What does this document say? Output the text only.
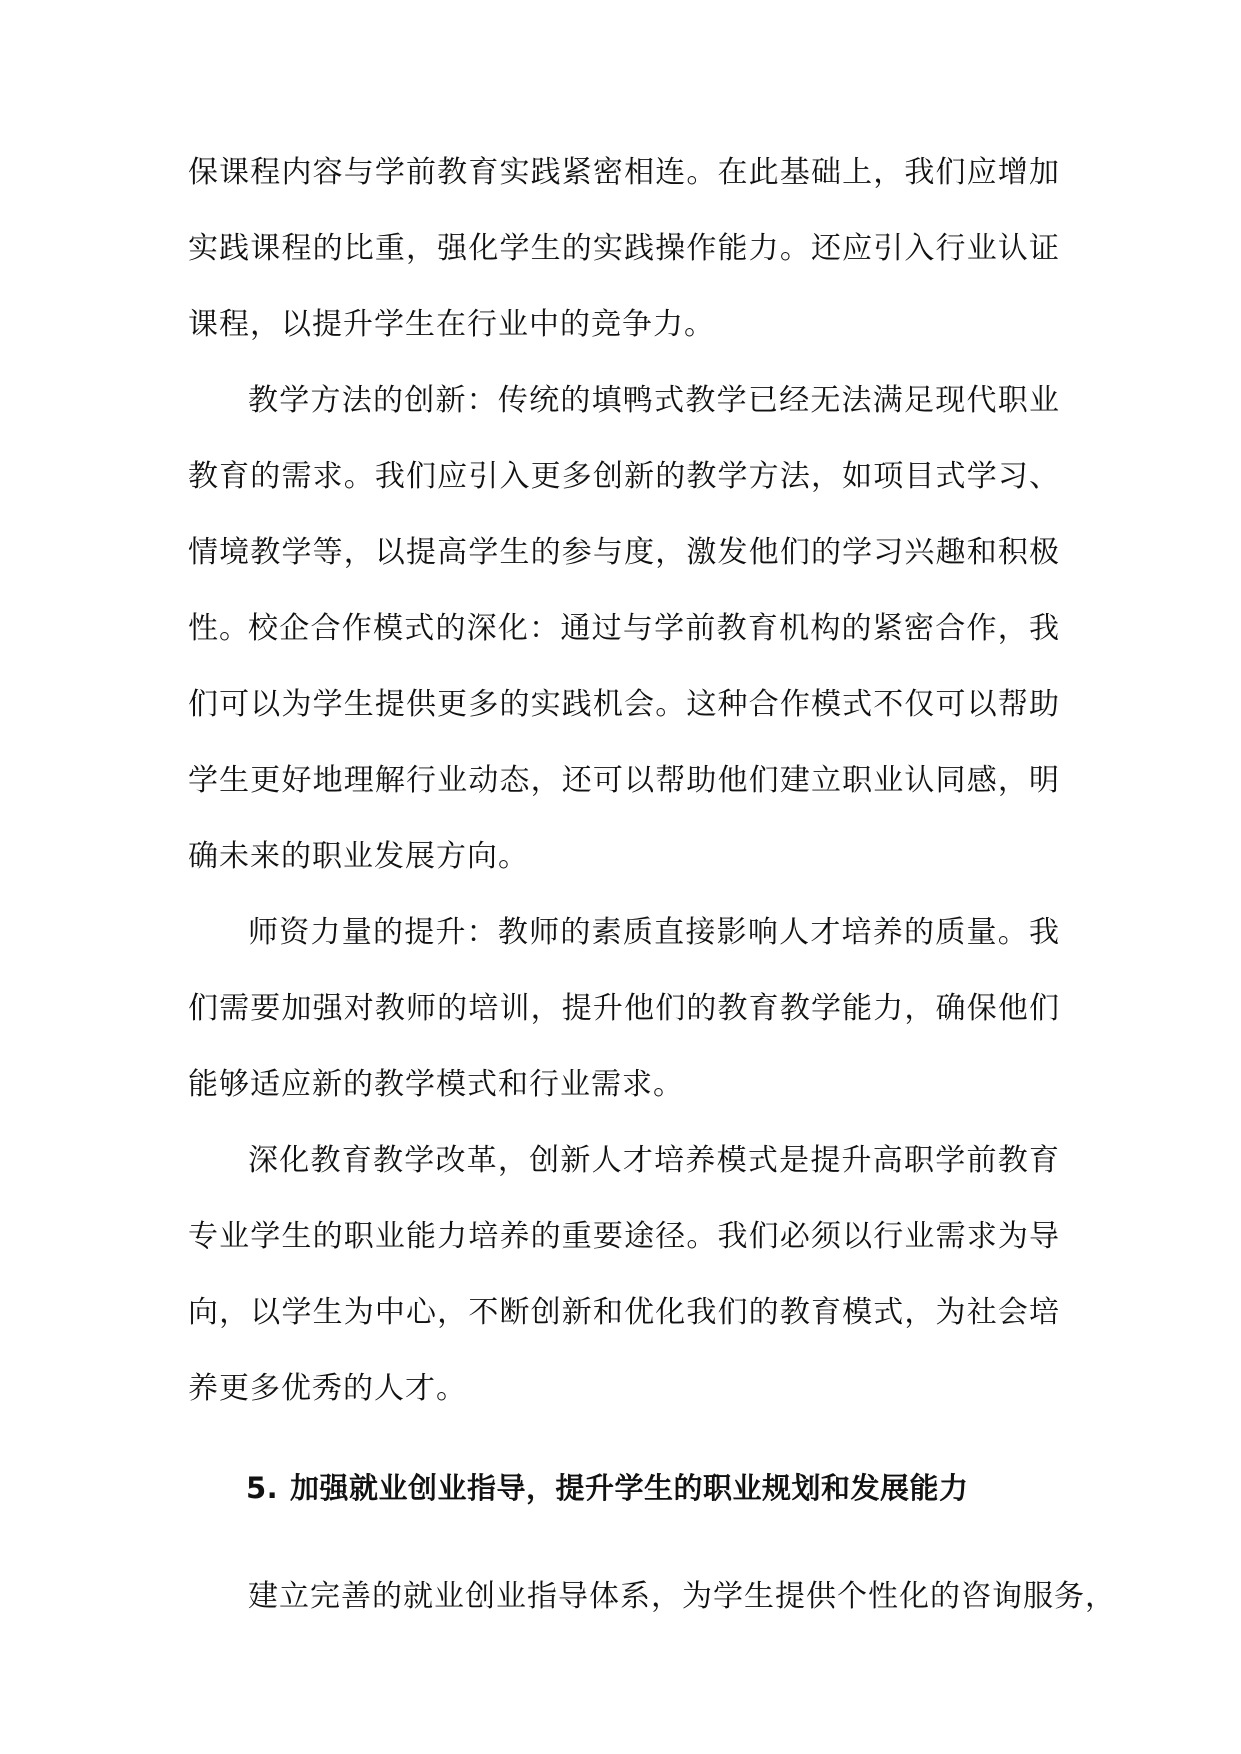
保课程内容与学前教育实践紧密相连。在此基础上，我们应增加实践课程的比重，强化学生的实践操作能力。还应引入行业认证课程，以提升学生在行业中的竞争力。

教学方法的创新：传统的填鸭式教学已经无法满足现代职业教育的需求。我们应引入更多创新的教学方法，如项目式学习、情境教学等，以提高学生的参与度，激发他们的学习兴趣和积极性。

校企合作模式的深化：通过与学前教育机构的紧密合作，我们可以为学生提供更多的实践机会。这种合作模式不仅可以帮助学生更好地理解行业动态，还可以帮助他们建立职业认同感，明确未来的职业发展方向。

师资力量的提升：教师的素质直接影响人才培养的质量。我们需要加强对教师的培训，提升他们的教育教学能力，确保他们能够适应新的教学模式和行业需求。

深化教育教学改革，创新人才培养模式是提升高职学前教育专业学生的职业能力培养的重要途径。我们必须以行业需求为导向，以学生为中心，不断创新和优化我们的教育模式，为社会培养更多优秀的人才。

5. 加强就业创业指导，提升学生的职业规划和发展能力

建立完善的就业创业指导体系，为学生提供个性化的咨询服务，
